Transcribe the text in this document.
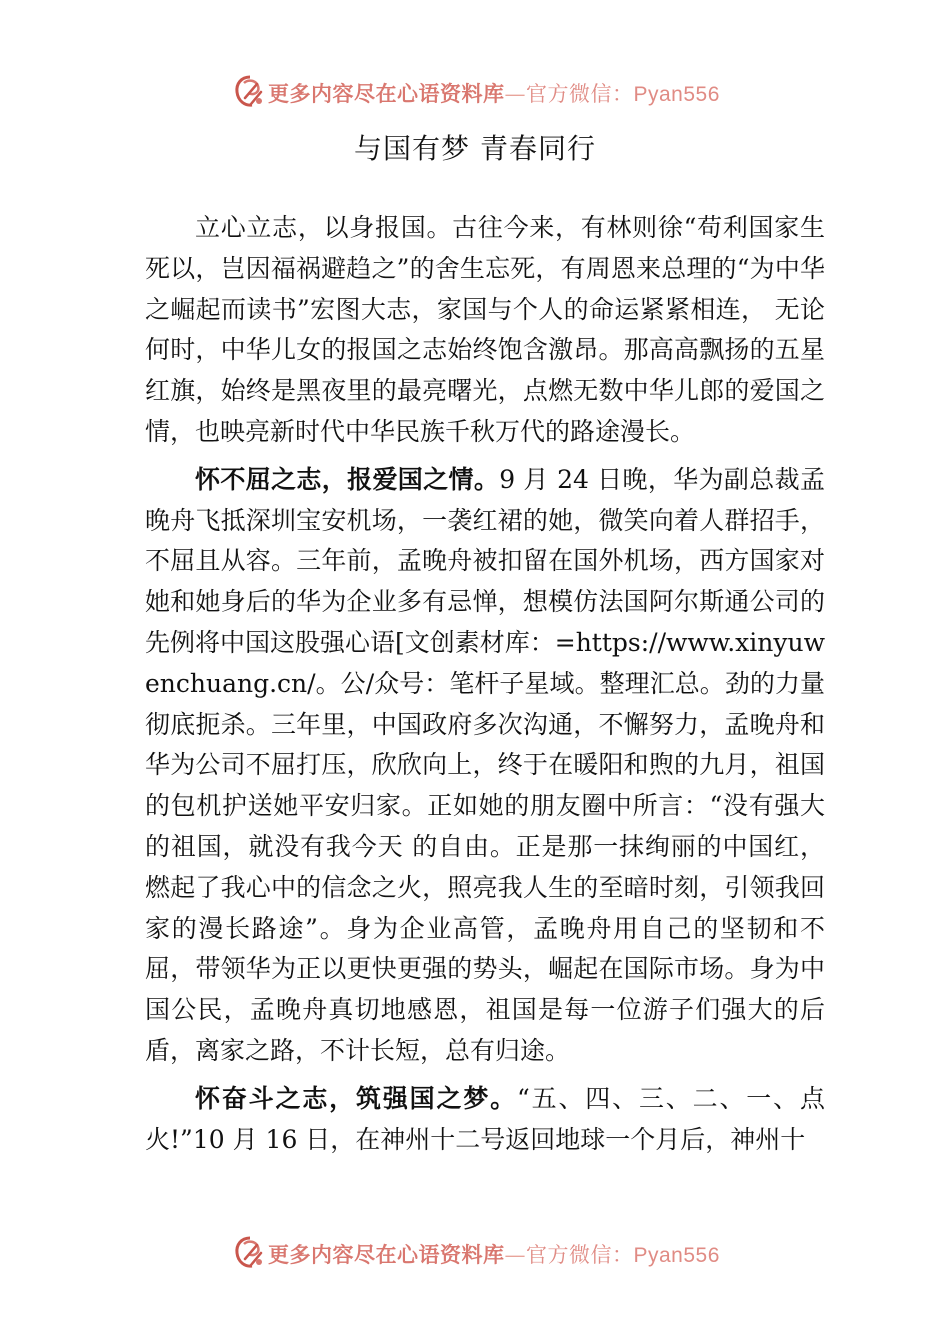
更多内容尽在心语资料库—官方微信：Pyan556
与国有梦 青春同行

立心立志，以身报国。古往今来，有林则徐“苟利国家生死以，岂因福祸避趋之”的舍生忘死，有周恩来总理的“为中华之崛起而读书”宏图大志，家国与个人的命运紧紧相连， 无论何时，中华儿女的报国之志始终饱含激昂。那高高飘扬的五星红旗，始终是黑夜里的最亮曙光，点燃无数中华儿郎的爱国之情，也映亮新时代中华民族千秋万代的路途漫长。

怀不屈之志，报爱国之情。9 月 24 日晚，华为副总裁孟晚舟飞抵深圳宝安机场，一袭红裙的她，微笑向着人群招手， 不屈且从容。三年前，孟晚舟被扣留在国外机场，西方国家对她和她身后的华为企业多有忌惮，想模仿法国阿尔斯通公司的先例将中国这股强心语[文创素材库：=https://www.xinyuwenchuang.cn/。公/众号：笔杆子星域。整理汇总。劲的力量彻底扼杀。三年里，中国政府多次沟通，不懈努力，孟晚舟和华为公司不屈打压，欣欣向上，终于在暖阳和煦的九月，祖国的包机护送她平安归家。正如她的朋友圈中所言：“没有强大的祖国，就没有我今天 的自由。正是那一抹绚丽的中国红，燃起了我心中的信念之火，照亮我人生的至暗时刻，引领我回家的漫长路途”。身为企业高管，孟晚舟用自己的坚韧和不屈，带领华为正以更快更强的势头，崛起在国际市场。身为中国公民，孟晚舟真切地感恩，祖国是每一位游子们强大的后盾，离家之路，不计长短，总有归途。

怀奋斗之志，筑强国之梦。“五、四、三、二、一、点火!”10 月 16 日，在神州十二号返回地球一个月后，神州十

更多内容尽在心语资料库—官方微信：Pyan556
